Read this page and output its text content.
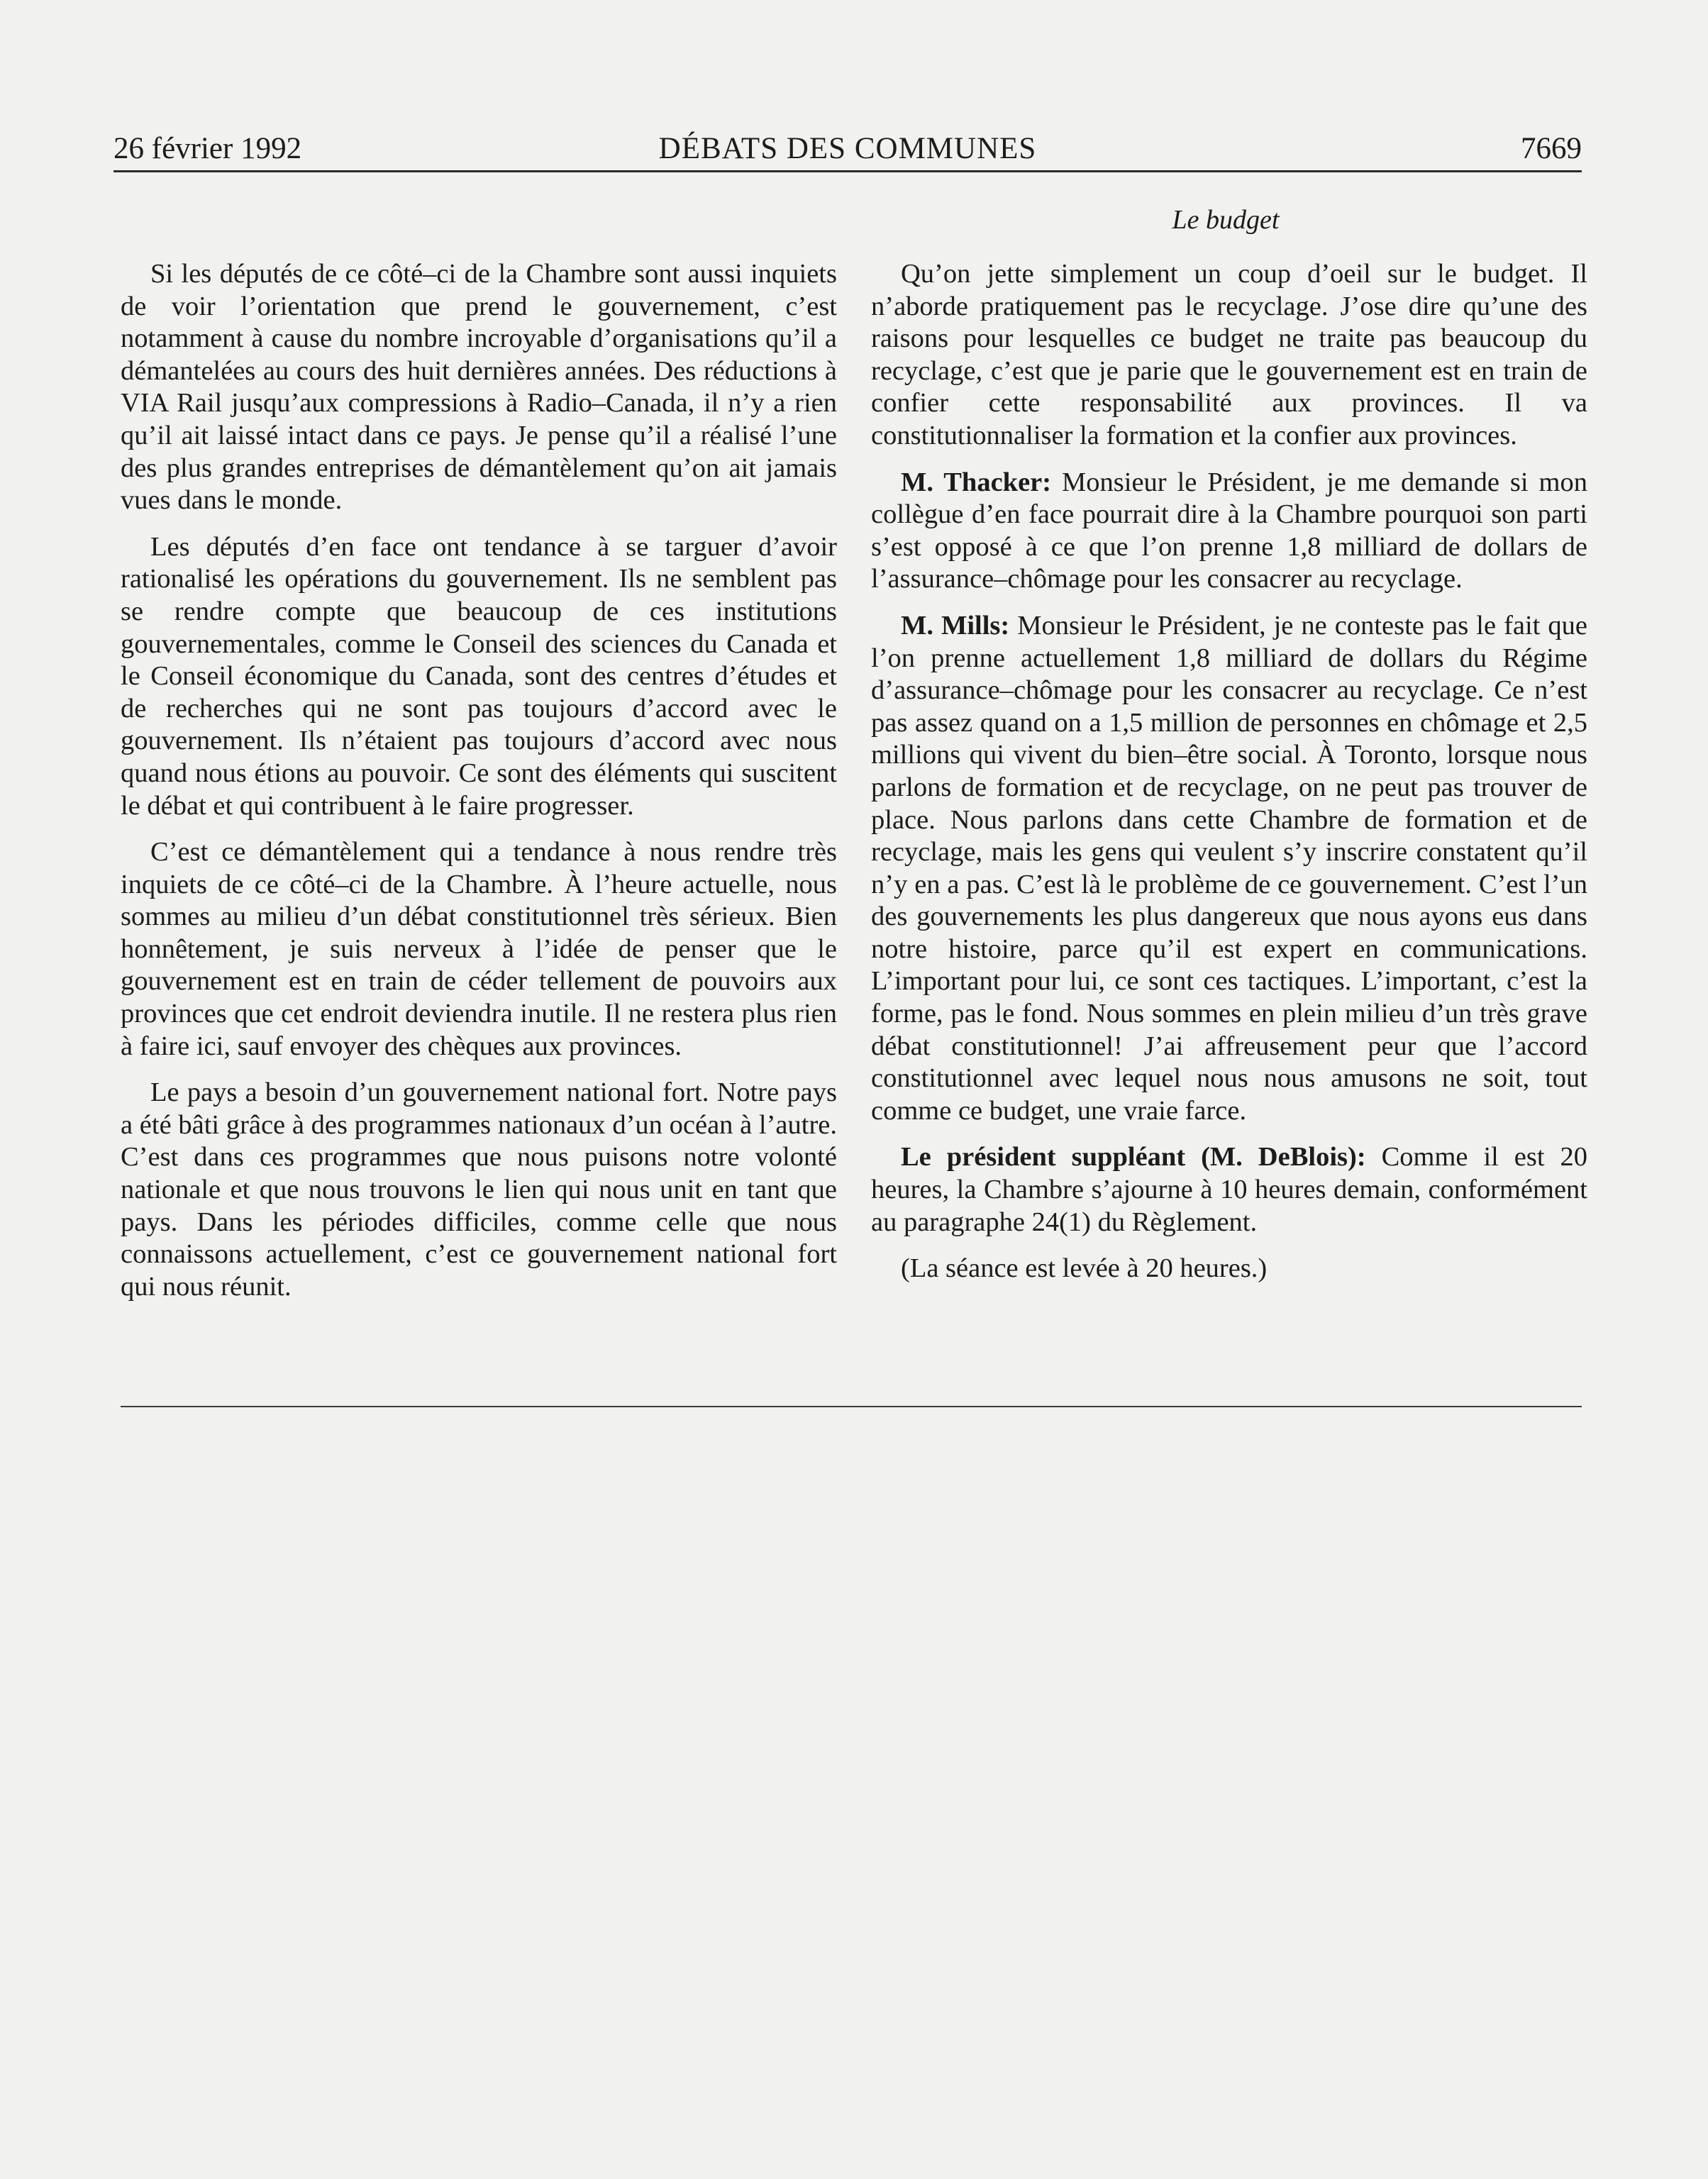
26 février 1992	DÉBATS DES COMMUNES	7669
Le budget

Si les députés de ce côté–ci de la Chambre sont aussi inquiets de voir l’orientation que prend le gouvernement, c’est notamment à cause du nombre incroyable d’organisations qu’il a démantelées au cours des huit dernières années. Des réductions à VIA Rail jusqu’aux compressions à Radio–Canada, il n’y a rien qu’il ait laissé intact dans ce pays. Je pense qu’il a réalisé l’une des plus grandes entreprises de démantèlement qu’on ait jamais vues dans le monde.

Les députés d’en face ont tendance à se targuer d’avoir rationalisé les opérations du gouvernement. Ils ne semblent pas se rendre compte que beaucoup de ces institutions gouvernementales, comme le Conseil des sciences du Canada et le Conseil économique du Canada, sont des centres d’études et de recherches qui ne sont pas toujours d’accord avec le gouvernement. Ils n’étaient pas toujours d’accord avec nous quand nous étions au pouvoir. Ce sont des éléments qui suscitent le débat et qui contribuent à le faire progresser.

C’est ce démantèlement qui a tendance à nous rendre très inquiets de ce côté–ci de la Chambre. À l’heure actuelle, nous sommes au milieu d’un débat constitutionnel très sérieux. Bien honnêtement, je suis nerveux à l’idée de penser que le gouvernement est en train de céder tellement de pouvoirs aux provinces que cet endroit deviendra inutile. Il ne restera plus rien à faire ici, sauf envoyer des chèques aux provinces.

Le pays a besoin d’un gouvernement national fort. Notre pays a été bâti grâce à des programmes nationaux d’un océan à l’autre. C’est dans ces programmes que nous puisons notre volonté nationale et que nous trouvons le lien qui nous unit en tant que pays. Dans les périodes difficiles, comme celle que nous connaissons actuellement, c’est ce gouvernement national fort qui nous réunit.

Qu’on jette simplement un coup d’oeil sur le budget. Il n’aborde pratiquement pas le recyclage. J’ose dire qu’une des raisons pour lesquelles ce budget ne traite pas beaucoup du recyclage, c’est que je parie que le gouvernement est en train de confier cette responsabilité aux provinces. Il va constitutionnaliser la formation et la confier aux provinces.

M. Thacker: Monsieur le Président, je me demande si mon collègue d’en face pourrait dire à la Chambre pourquoi son parti s’est opposé à ce que l’on prenne 1,8 milliard de dollars de l’assurance–chômage pour les consacrer au recyclage.

M. Mills: Monsieur le Président, je ne conteste pas le fait que l’on prenne actuellement 1,8 milliard de dollars du Régime d’assurance–chômage pour les consacrer au recyclage. Ce n’est pas assez quand on a 1,5 million de personnes en chômage et 2,5 millions qui vivent du bien–être social. À Toronto, lorsque nous parlons de formation et de recyclage, on ne peut pas trouver de place. Nous parlons dans cette Chambre de formation et de recyclage, mais les gens qui veulent s’y inscrire constatent qu’il n’y en a pas. C’est là le problème de ce gouvernement. C’est l’un des gouvernements les plus dangereux que nous ayons eus dans notre histoire, parce qu’il est expert en communications. L’important pour lui, ce sont ces tactiques. L’important, c’est la forme, pas le fond. Nous sommes en plein milieu d’un très grave débat constitutionnel! J’ai affreusement peur que l’accord constitutionnel avec lequel nous nous amusons ne soit, tout comme ce budget, une vraie farce.

Le président suppléant (M. DeBlois): Comme il est 20 heures, la Chambre s’ajourne à 10 heures demain, conformément au paragraphe 24(1) du Règlement.

(La séance est levée à 20 heures.)
